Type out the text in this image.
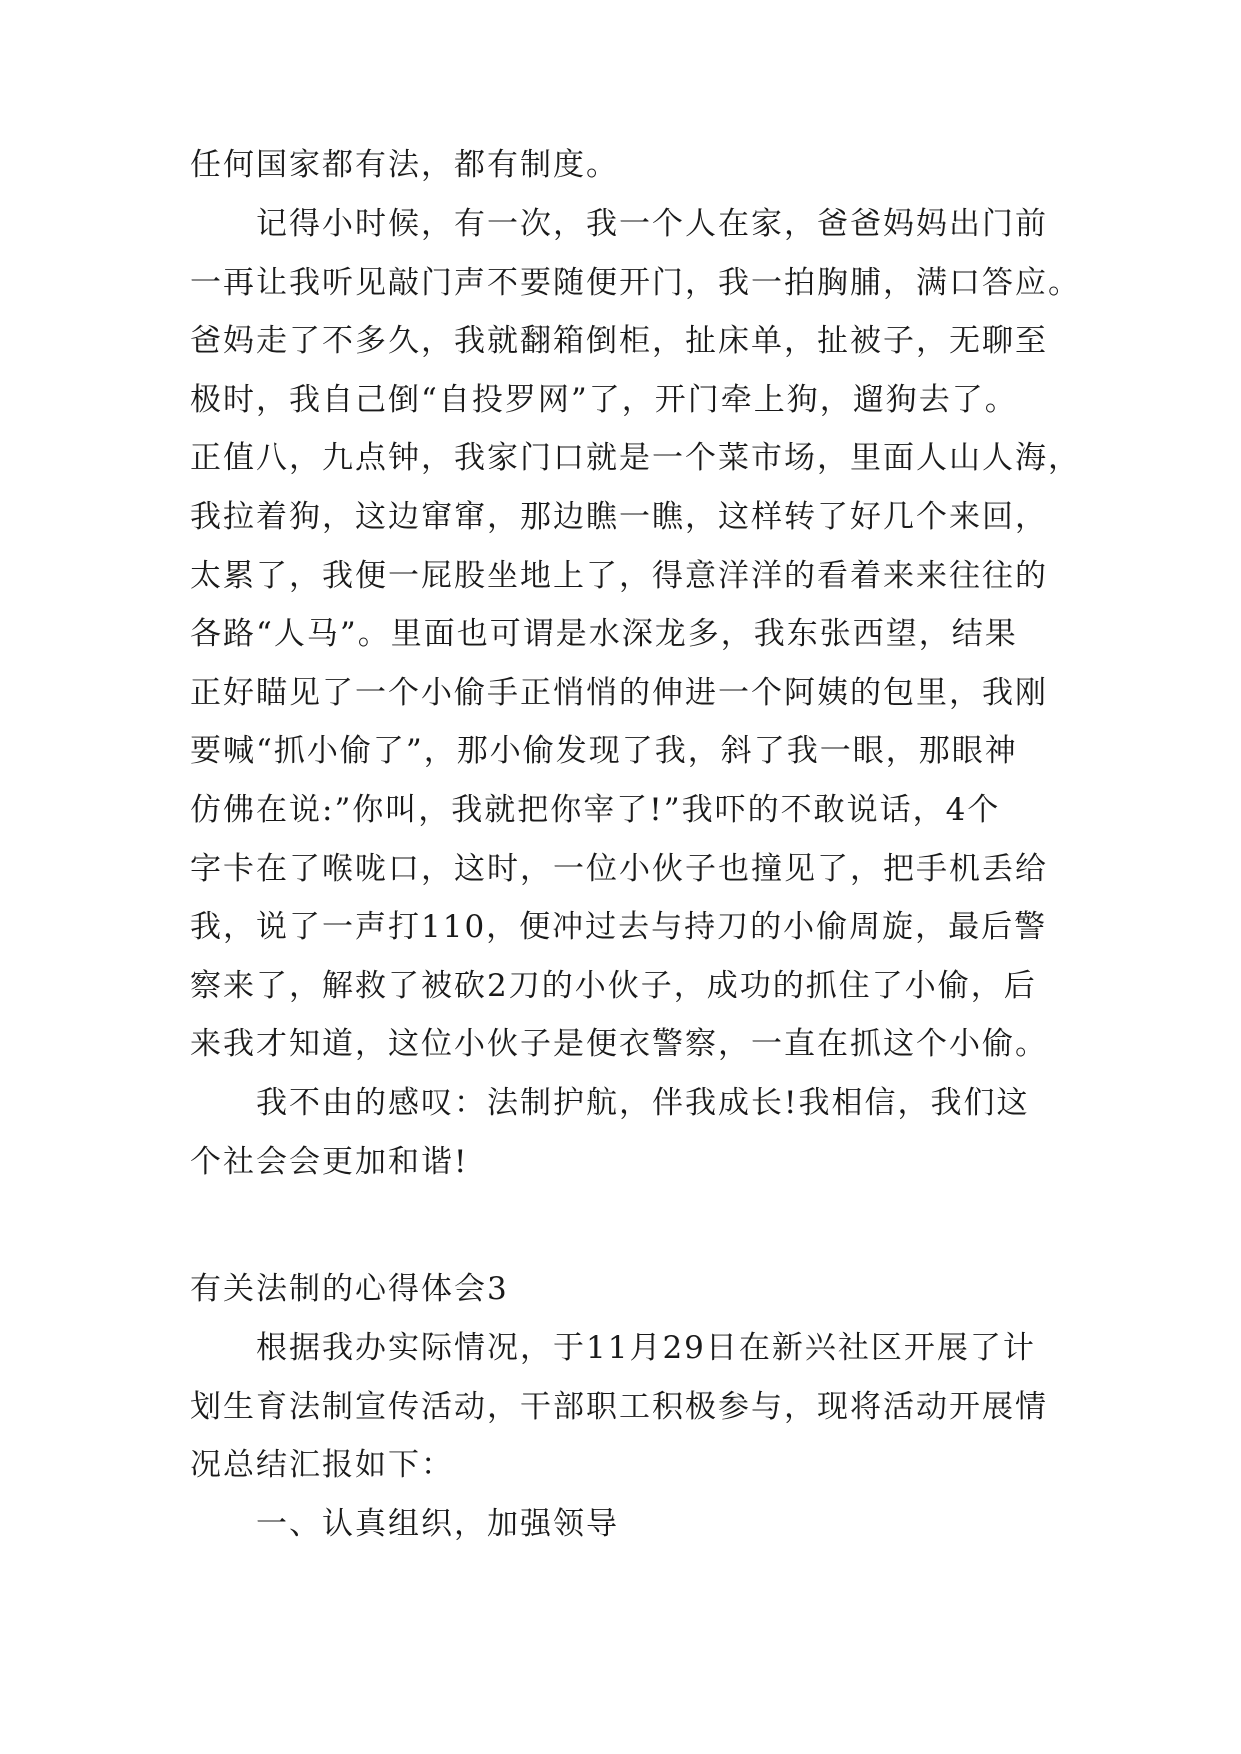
任何国家都有法，都有制度。
记得小时候，有一次，我一个人在家，爸爸妈妈出门前
一再让我听见敲门声不要随便开门，我一拍胸脯，满口答应。
爸妈走了不多久，我就翻箱倒柜，扯床单，扯被子，无聊至
极时，我自己倒“自投罗网”了，开门牵上狗，遛狗去了。
正值八，九点钟，我家门口就是一个菜市场，里面人山人海，
我拉着狗，这边窜窜，那边瞧一瞧，这样转了好几个来回，
太累了，我便一屁股坐地上了，得意洋洋的看着来来往往的
各路“人马”。里面也可谓是水深龙多，我东张西望，结果
正好瞄见了一个小偷手正悄悄的伸进一个阿姨的包里，我刚
要喊“抓小偷了”，那小偷发现了我，斜了我一眼，那眼神
仿佛在说:”你叫，我就把你宰了!”我吓的不敢说话，4个
字卡在了喉咙口，这时，一位小伙子也撞见了，把手机丢给
我，说了一声打110，便冲过去与持刀的小偷周旋，最后警
察来了，解救了被砍2刀的小伙子，成功的抓住了小偷，后
来我才知道，这位小伙子是便衣警察，一直在抓这个小偷。
我不由的感叹：法制护航，伴我成长!我相信，我们这
个社会会更加和谐!
有关法制的心得体会3
根据我办实际情况，于11月29日在新兴社区开展了计
划生育法制宣传活动，干部职工积极参与，现将活动开展情
况总结汇报如下：
一、认真组织，加强领导
